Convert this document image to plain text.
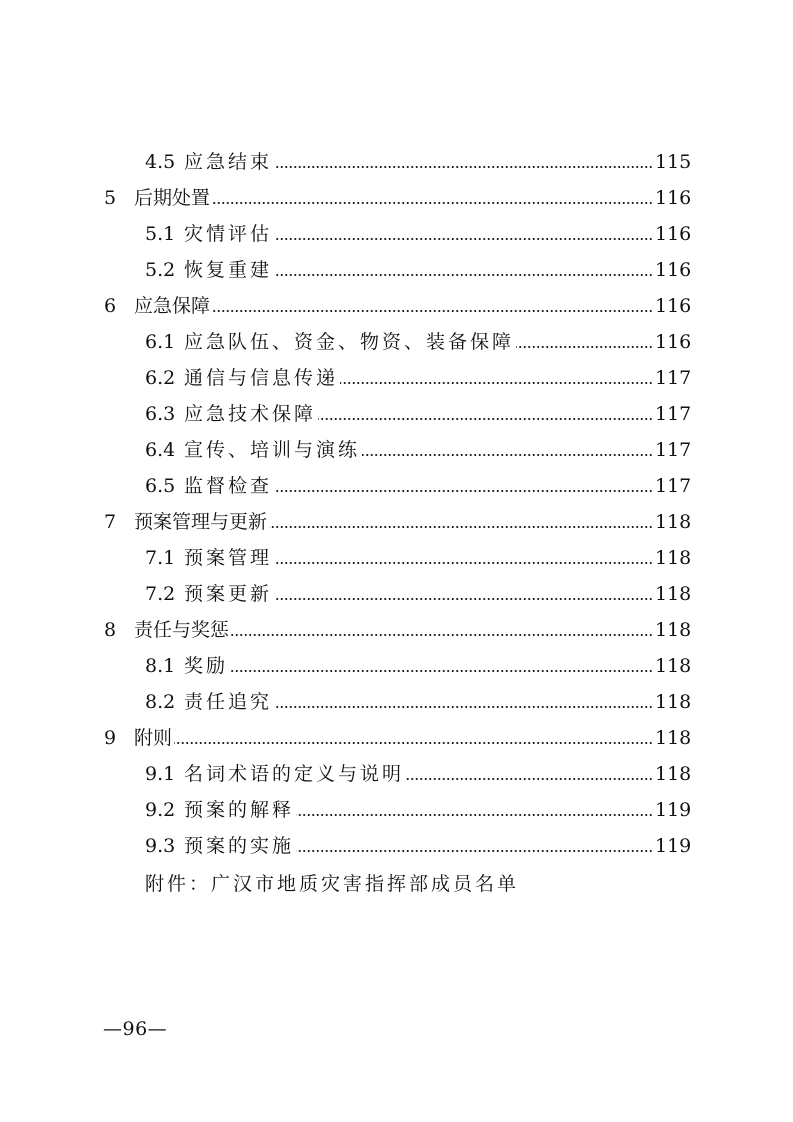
4.5 应急结束	115
5 后期处置	116
5.1 灾情评估	116
5.2 恢复重建	116
6 应急保障	116
6.1 应急队伍、资金、物资、装备保障	116
6.2 通信与信息传递	117
6.3 应急技术保障	117
6.4 宣传、培训与演练	117
6.5 监督检查	117
7 预案管理与更新	118
7.1 预案管理	118
7.2 预案更新	118
8 责任与奖惩	118
8.1 奖励	118
8.2 责任追究	118
9 附则	118
9.1 名词术语的定义与说明	118
9.2 预案的解释	119
9.3 预案的实施	119
附件：广汉市地质灾害指挥部成员名单
—96—
